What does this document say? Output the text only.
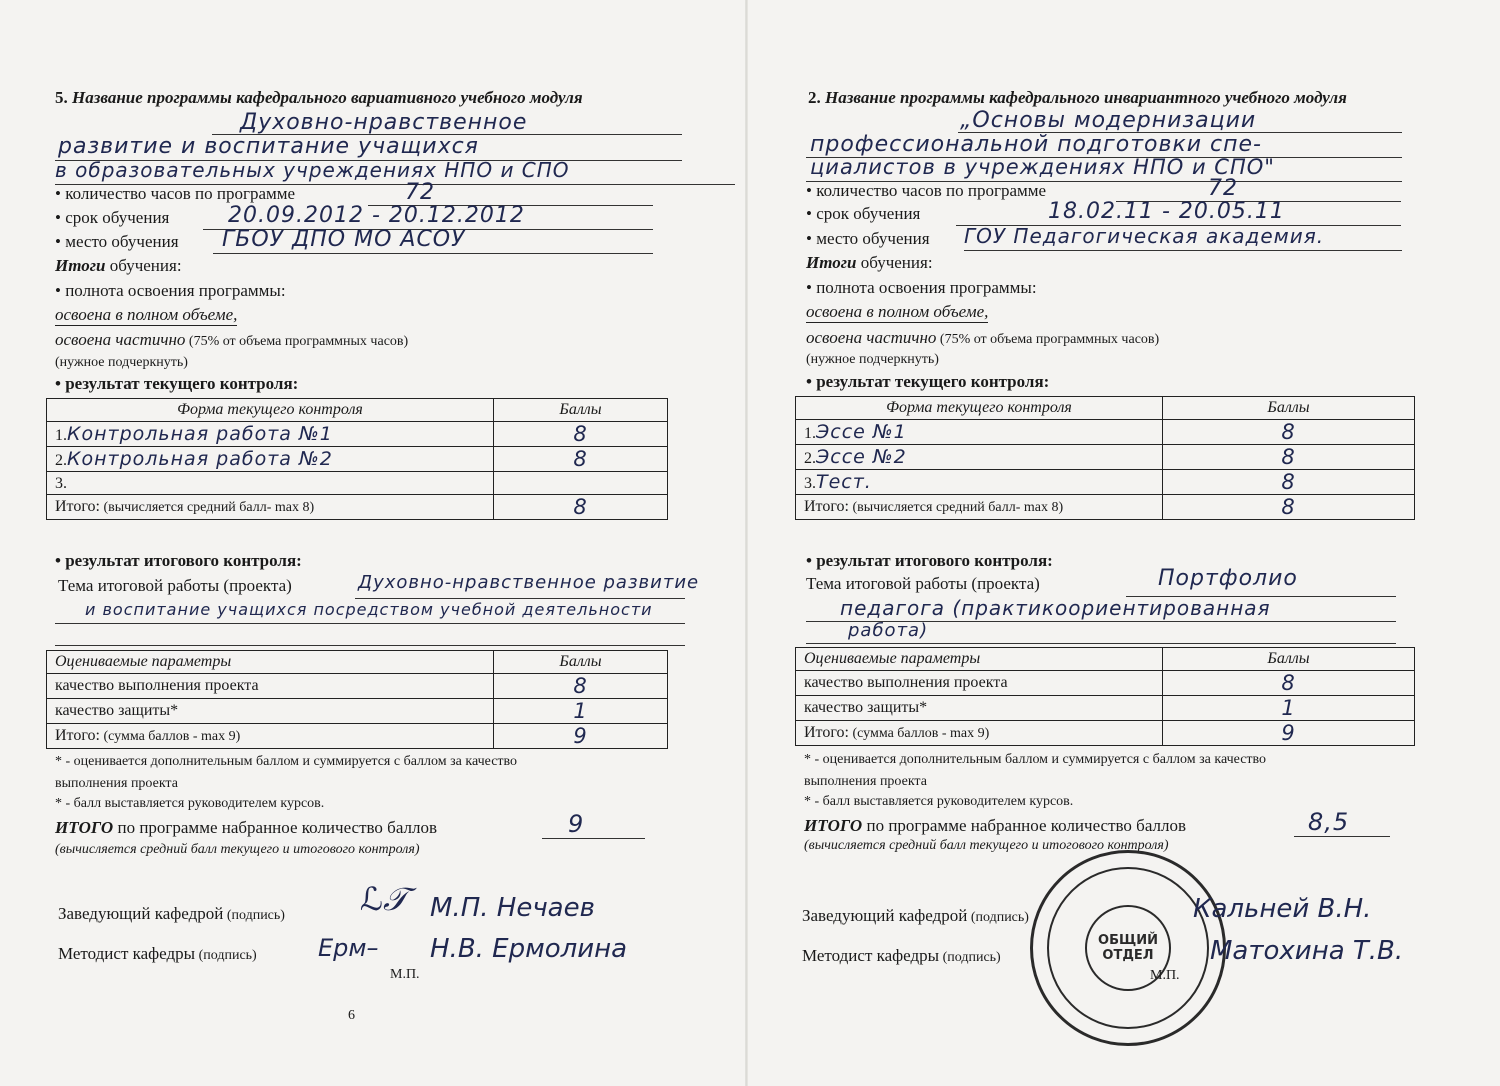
5. Название программы кафедрального вариативного учебного модуля
Духовно-нравственное
развитие и воспитание учащихся
в образовательных учреждениях НПО и СПО
• количество часов по программе	72
• срок обучения	20.09.2012 - 20.12.2012
• место обучения ГБОУ ДПО МО АСОУ
Итоги обучения:
• полнота освоения программы:
освоена в полном объеме,
освоена частично (75% от объема программных часов)
(нужное подчеркнуть)
• результат текущего контроля:
Форма текущего контроля	Баллы
1.Контрольная работа №1	8
2.Контрольная работа №2	8
3.	
Итого: (вычисляется средний балл- max 8)	8
• результат итогового контроля:
Тема итоговой работы (проекта)	Духовно-нравственное развитие
и воспитание учащихся посредством учебной деятельности
Оцениваемые параметры	Баллы
качество выполнения проекта	8
качество защиты*	1
Итого: (сумма баллов - max 9)	9
* - оценивается дополнительным баллом и суммируется с баллом за качество
выполнения проекта
* - балл выставляется руководителем курсов.
ИТОГО по программе набранное количество баллов	9
(вычисляется средний балл текущего и итогового контроля)
Заведующий кафедрой (подпись) ℒ𝒯 М.П. Нечаев
Методист кафедры (подпись)	Ерм– Н.В. Ермолина
М.П.
6
2. Название программы кафедрального инвариантного учебного модуля
„Основы модернизации
профессиональной подготовки спе-
циалистов в учреждениях НПО и СПО"
• количество часов по программе	72
• срок обучения	18.02.11 - 20.05.11
• место обучения ГОУ Педагогическая академия.
Итоги обучения:
• полнота освоения программы:
освоена в полном объеме,
освоена частично (75% от объема программных часов)
(нужное подчеркнуть)
• результат текущего контроля:
Форма текущего контроля	Баллы
1.Эссе №1	8
2.Эссе №2	8
3.Тест.	8
Итого: (вычисляется средний балл- max 8)	8
• результат итогового контроля:
Тема итоговой работы (проекта)	Портфолио
педагога (практикоориентированная
работа)
Оцениваемые параметры	Баллы
качество выполнения проекта	8
качество защиты*	1
Итого: (сумма баллов - max 9)	9
* - оценивается дополнительным баллом и суммируется с баллом за качество
выполнения проекта
* - балл выставляется руководителем курсов.
ИТОГО по программе набранное количество баллов	8,5
(вычисляется средний балл текущего и итогового контроля)
ОБЩИЙ ОТДЕЛ
Заведующий кафедрой (подпись)	Кальней В.Н.
Методист кафедры (подпись)	Матохина Т.В.
М.П.
